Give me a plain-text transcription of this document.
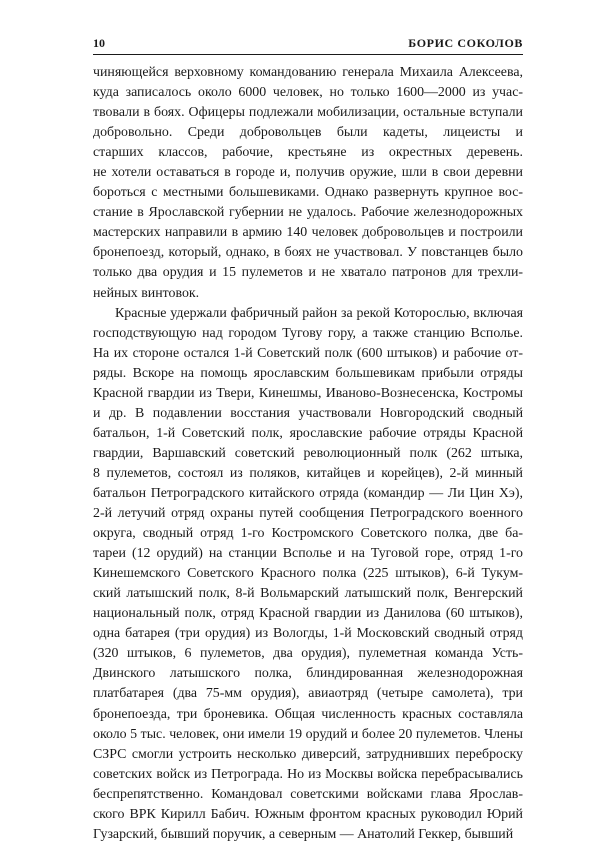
10	БОРИС СОКОЛОВ
чиняющейся верховному командованию генерала Михаила Алексеева,
куда записалось около 6000 человек, но только 1600—2000 из учас-
твовали в боях. Офицеры подлежали мобилизации, остальные вступали
добровольно. Среди добровольцев были кадеты, лицеисты и
старших классов, рабочие, крестьяне из окрестных деревень.
не хотели оставаться в городе и, получив оружие, шли в свои деревни
бороться с местными большевиками. Однако развернуть крупное вос-
стание в Ярославской губернии не удалось. Рабочие железнодорожных
мастерских направили в армию 140 человек добровольцев и построили
бронепоезд, который, однако, в боях не участвовал. У повстанцев было
только два орудия и 15 пулеметов и не хватало патронов для трехли-
нейных винтовок.
Красные удержали фабричный район за рекой Которослью, включая
господствующую над городом Тугову гору, а также станцию Всполье.
На их стороне остался 1-й Советский полк (600 штыков) и рабочие от-
ряды. Вскоре на помощь ярославским большевикам прибыли отряды
Красной гвардии из Твери, Кинешмы, Иваново-Вознесенска, Костромы
и др. В подавлении восстания участвовали Новгородский сводный
батальон, 1-й Советский полк, ярославские рабочие отряды Красной
гвардии, Варшавский советский революционный полк (262 штыка,
8 пулеметов, состоял из поляков, китайцев и корейцев), 2-й минный
батальон Петроградского китайского отряда (командир — Ли Цин Хэ),
2-й летучий отряд охраны путей сообщения Петроградского военного
округа, сводный отряд 1-го Костромского Советского полка, две ба-
тареи (12 орудий) на станции Всполье и на Туговой горе, отряд 1-го
Кинешемского Советского Красного полка (225 штыков), 6-й Тукум-
ский латышский полк, 8-й Вольмарский латышский полк, Венгерский
национальный полк, отряд Красной гвардии из Данилова (60 штыков),
одна батарея (три орудия) из Вологды, 1-й Московский сводный отряд
(320 штыков, 6 пулеметов, два орудия), пулеметная команда Усть-
Двинского латышского полка, блиндированная железнодорожная
платбатарея (два 75-мм орудия), авиаотряд (четыре самолета), три
бронепоезда, три броневика. Общая численность красных составляла
около 5 тыс. человек, они имели 19 орудий и более 20 пулеметов. Члены
СЗРС смогли устроить несколько диверсий, затруднивших переброску
советских войск из Петрограда. Но из Москвы войска перебрасывались
беспрепятственно. Командовал советскими войсками глава Ярослав-
ского ВРК Кирилл Бабич. Южным фронтом красных руководил Юрий
Гузарский, бывший поручик, а северным — Анатолий Геккер, бывший
